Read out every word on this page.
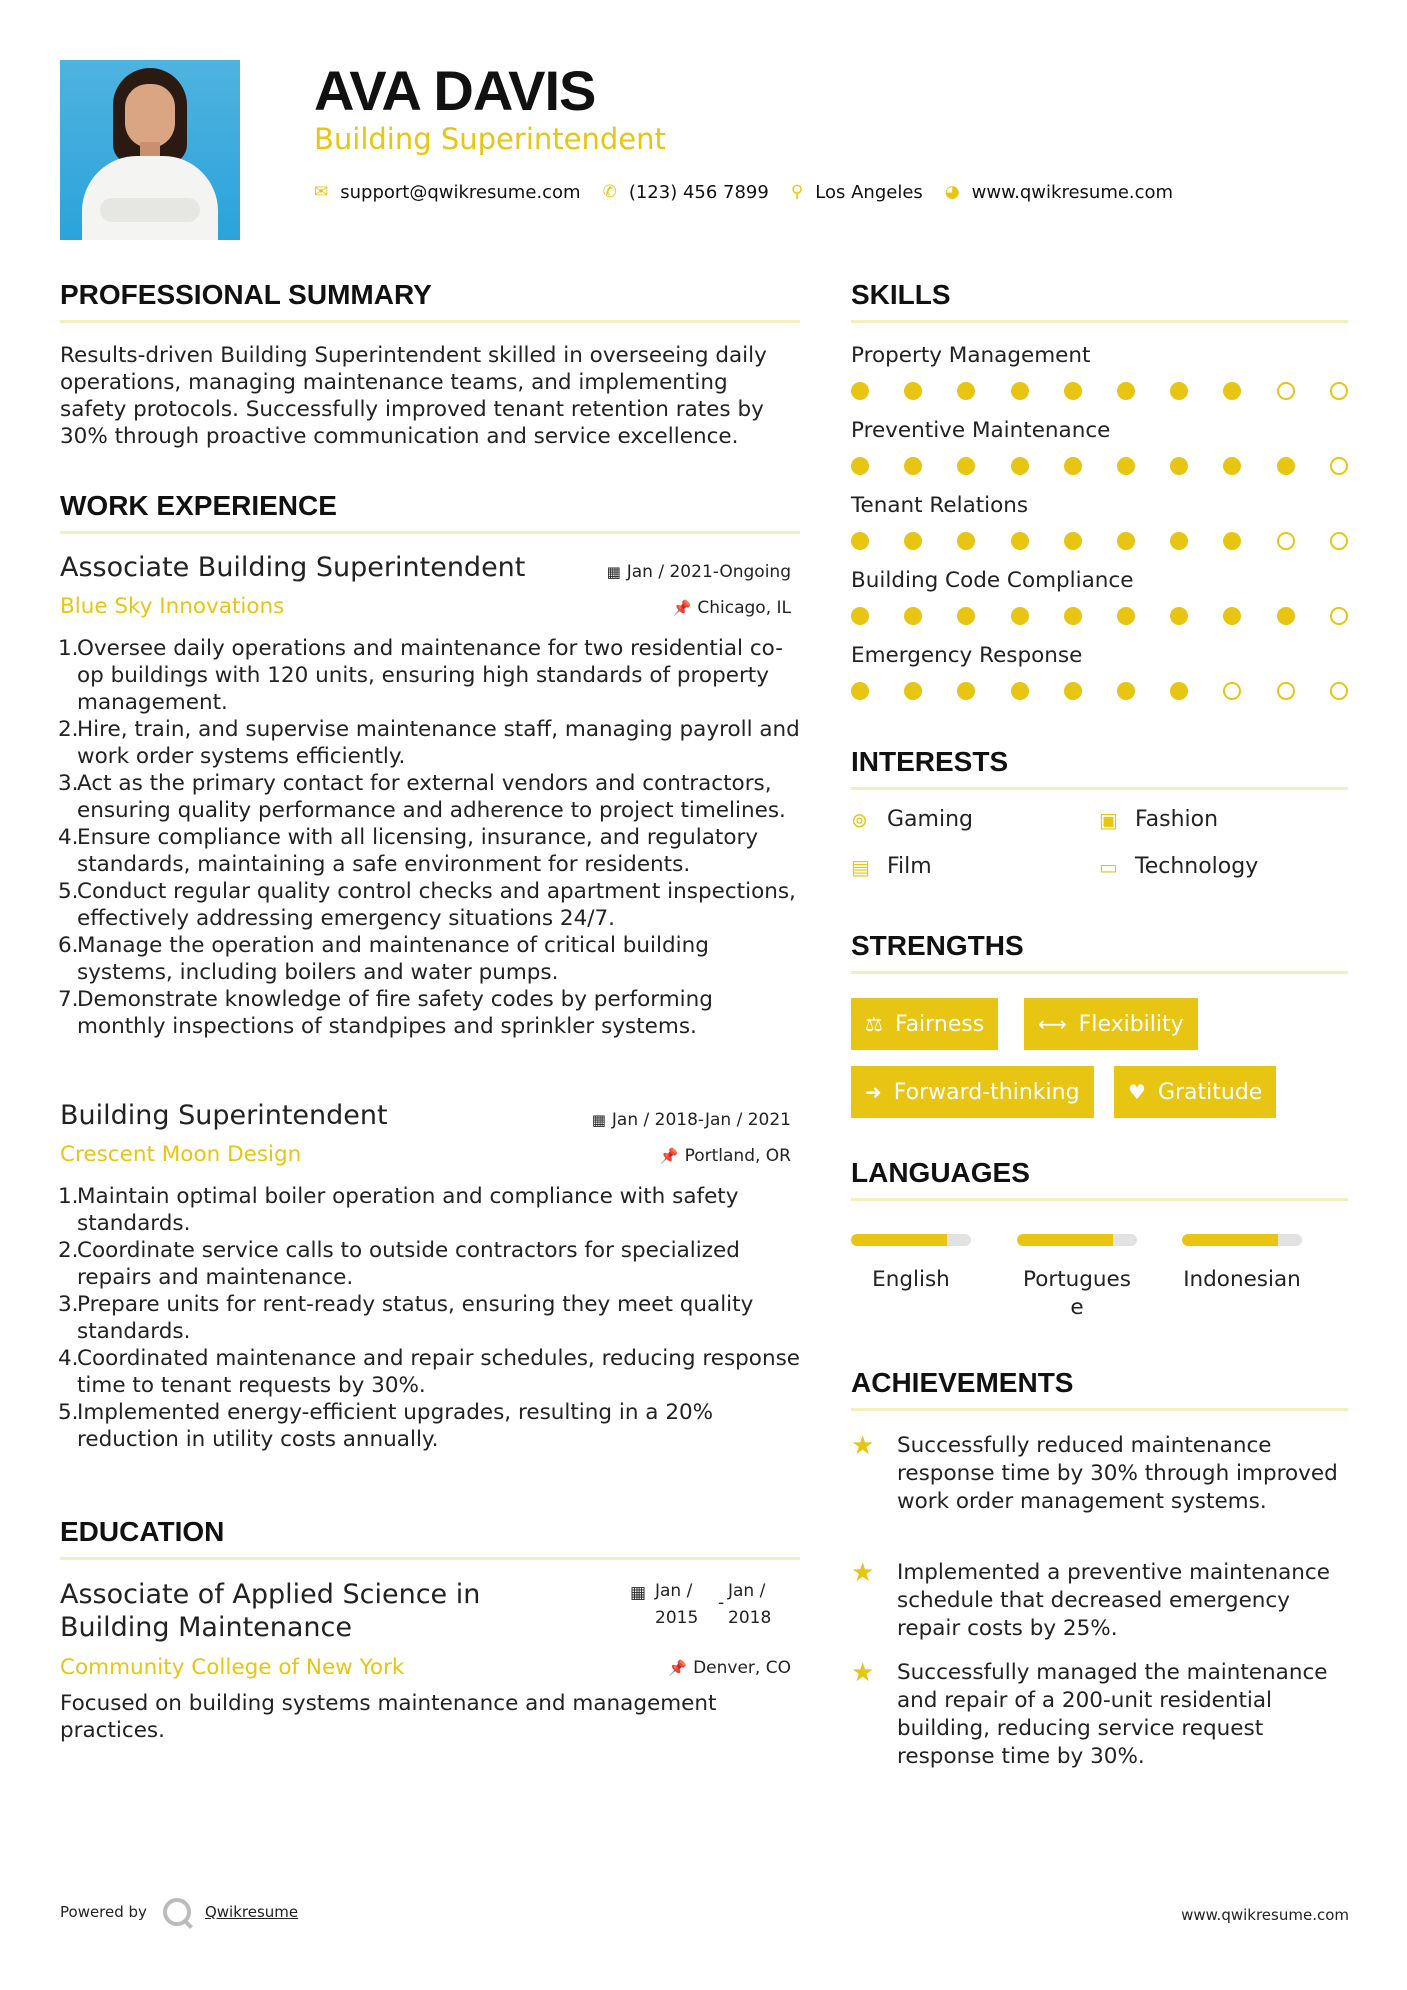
AVA DAVIS
Building Superintendent
✉ support@qwikresume.com ✆ (123) 456 7899 ⚲ Los Angeles ◕ www.qwikresume.com
PROFESSIONAL SUMMARY
Results-driven Building Superintendent skilled in overseeing daily operations, managing maintenance teams, and implementing safety protocols. Successfully improved tenant retention rates by 30% through proactive communication and service excellence.
WORK EXPERIENCE
Associate Building Superintendent	▦ Jan / 2021-Ongoing
Blue Sky Innovations	📌 Chicago, IL
1.
Oversee daily operations and maintenance for two residential co-op buildings with 120 units, ensuring high standards of property management.
2.
Hire, train, and supervise maintenance staff, managing payroll and work order systems efficiently.
3.
Act as the primary contact for external vendors and contractors, ensuring quality performance and adherence to project timelines.
4.
Ensure compliance with all licensing, insurance, and regulatory standards, maintaining a safe environment for residents.
5.
Conduct regular quality control checks and apartment inspections, effectively addressing emergency situations 24/7.
6.
Manage the operation and maintenance of critical building systems, including boilers and water pumps.
7.
Demonstrate knowledge of fire safety codes by performing monthly inspections of standpipes and sprinkler systems.
Building Superintendent	▦ Jan / 2018-Jan / 2021
Crescent Moon Design	📌 Portland, OR
1.
Maintain optimal boiler operation and compliance with safety standards.
2.
Coordinate service calls to outside contractors for specialized repairs and maintenance.
3.
Prepare units for rent-ready status, ensuring they meet quality standards.
4.
Coordinated maintenance and repair schedules, reducing response time to tenant requests by 30%.
5.
Implemented energy-efficient upgrades, resulting in a 20% reduction in utility costs annually.
EDUCATION
Associate of Applied Science in Building Maintenance
▦ Jan / 2015
-
Jan / 2018
Community College of New York	📌 Denver, CO
Focused on building systems maintenance and management practices.
SKILLS
Property Management
Preventive Maintenance
Tenant Relations
Building Code Compliance
Emergency Response
INTERESTS
⊚ Gaming	▣ Fashion
▤ Film	▭ Technology
STRENGTHS
⚖ Fairness	⟷ Flexibility
➜ Forward-thinking ♥ Gratitude
LANGUAGES
English	Portuguese
Indonesian
ACHIEVEMENTS
★	Successfully reduced maintenance response time by 30% through improved work order management systems.
★	Implemented a preventive maintenance schedule that decreased emergency repair costs by 25%.
★	Successfully managed the maintenance and repair of a 200-unit residential building, reducing service request response time by 30%.
Powered by	Qwikresume	www.qwikresume.com
